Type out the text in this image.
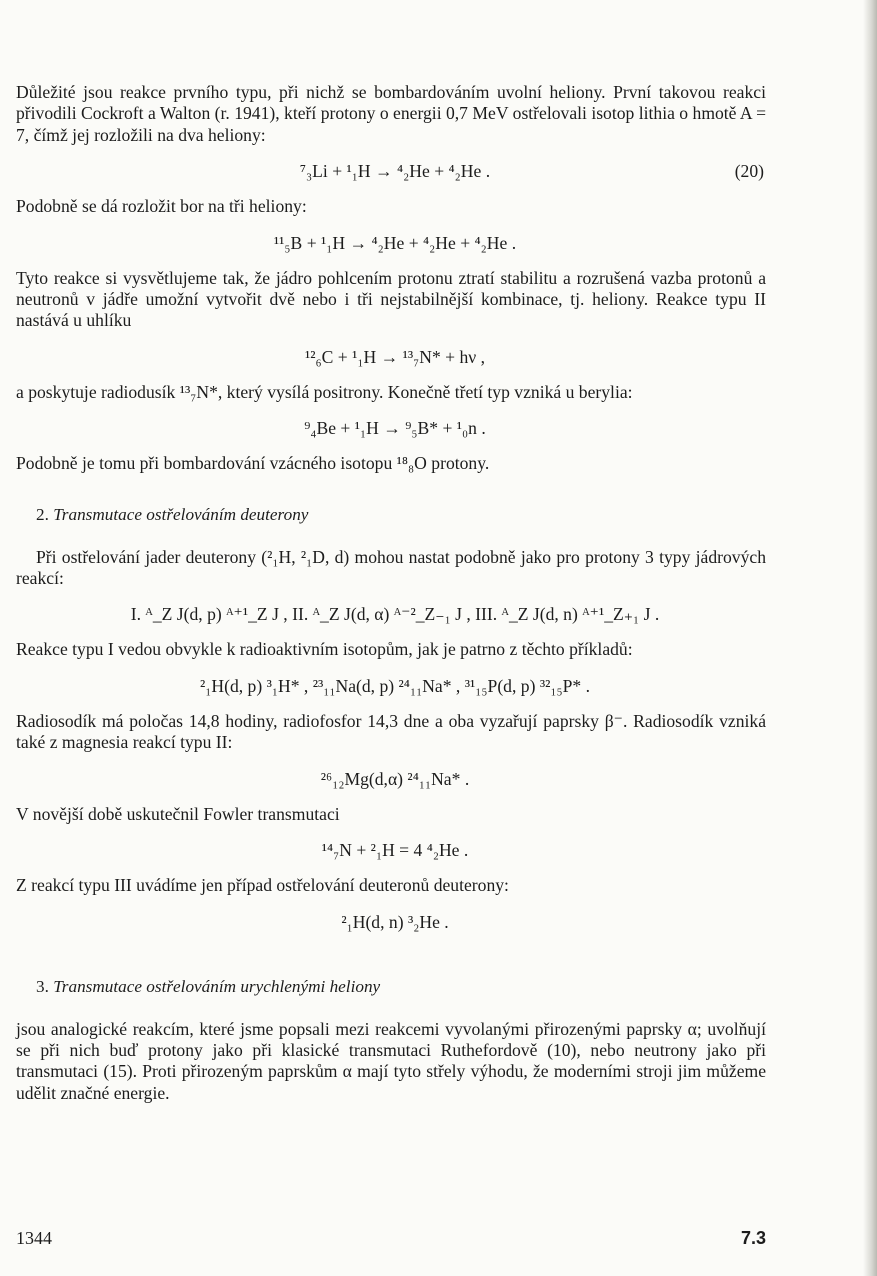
Důležité jsou reakce prvního typu, při nichž se bombardováním uvolní heliony. První takovou reakci přivodili Cockroft a Walton (r. 1941), kteří protony o energii 0,7 MeV ostřelovali isotop lithia o hmotě A = 7, čímž jej rozložili na dva heliony:

⁷₃Li + ¹₁H → ⁴₂He + ⁴₂He .	(20)

Podobně se dá rozložit bor na tři heliony:

¹¹₅B + ¹₁H → ⁴₂He + ⁴₂He + ⁴₂He .

Tyto reakce si vysvětlujeme tak, že jádro pohlcením protonu ztratí stabilitu a rozrušená vazba protonů a neutronů v jádře umožní vytvořit dvě nebo i tři nejstabilnější kombinace, tj. heliony. Reakce typu II nastává u uhlíku

¹²₆C + ¹₁H → ¹³₇N* + hν ,

a poskytuje radiodusík ¹³₇N*, který vysílá positrony. Konečně třetí typ vzniká u berylia:

⁹₄Be + ¹₁H → ⁹₅B* + ¹₀n .

Podobně je tomu při bombardování vzácného isotopu ¹⁸₈O protony.

2. Transmutace ostřelováním deuterony

Při ostřelování jader deuterony (²₁H, ²₁D, d) mohou nastat podobně jako pro protony 3 typy jádrových reakcí:

I. ᴬ_Z J(d, p) ᴬ⁺¹_Z J , II. ᴬ_Z J(d, α) ᴬ⁻²_Z₋₁ J , III. ᴬ_Z J(d, n) ᴬ⁺¹_Z₊₁ J .

Reakce typu I vedou obvykle k radioaktivním isotopům, jak je patrno z těchto příkladů:

²₁H(d, p) ³₁H* , ²³₁₁Na(d, p) ²⁴₁₁Na* , ³¹₁₅P(d, p) ³²₁₅P* .

Radiosodík má poločas 14,8 hodiny, radiofosfor 14,3 dne a oba vyzařují paprsky β⁻. Radiosodík vzniká také z magnesia reakcí typu II:

²⁶₁₂Mg(d,α) ²⁴₁₁Na* .

V novější době uskutečnil Fowler transmutaci

¹⁴₇N + ²₁H = 4 ⁴₂He .

Z reakcí typu III uvádíme jen případ ostřelování deuteronů deuterony:

²₁H(d, n) ³₂He .

3. Transmutace ostřelováním urychlenými heliony

jsou analogické reakcím, které jsme popsali mezi reakcemi vyvolanými přirozenými paprsky α; uvolňují se při nich buď protony jako při klasické transmutaci Ruthefordově (10), nebo neutrony jako při transmutaci (15). Proti přirozeným paprskům α mají tyto střely výhodu, že moderními stroji jim můžeme udělit značné energie.

1344	7.3
